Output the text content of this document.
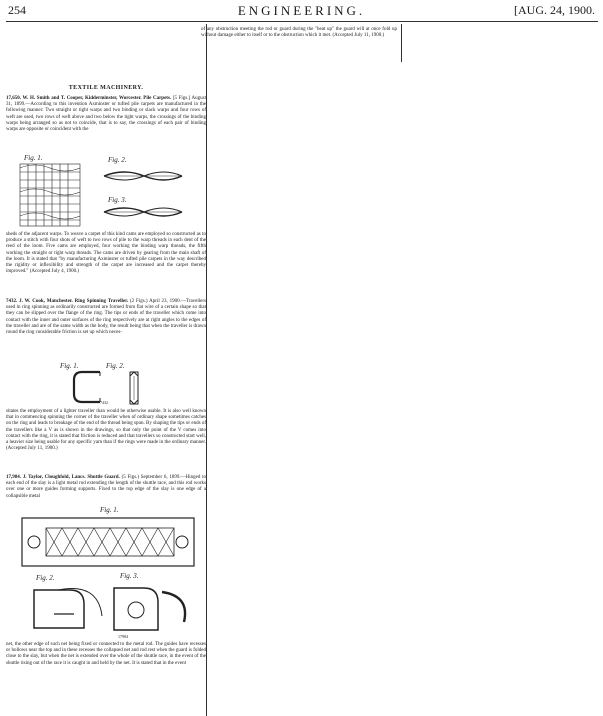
254	ENGINEERING.	[AUG. 24, 1900.

of any obstruction meeting the rod or guard during the "beat up" the guard will at once fold up without damage either to itself or to the obstruction which it met. (Accepted July 11, 1900.)

TEXTILE MACHINERY.

17,650. W. H. Smith and T. Cooper, Kidderminster, Worcester. Pile Carpets. [5 Figs.] August 31, 1899.—According to this invention Axminster or tufted pile carpets are manufactured in the following manner: Two straight or tight warps and two binding or slack warps and four rows of weft are used, two rows of weft above and two below the tight warps, the crossings of the binding warps being arranged so as not to coincide, that is to say, the crossings of each pair of binding warps are opposite or coincident with the

Fig. 1.	Fig. 2.
Fig. 3.

sheds of the adjacent warps. To weave a carpet of this kind cams are employed so constructed as to produce a stitch with four shots of weft to two rows of pile to the warp threads in each dent of the reed of the loom. Five cams are employed, four working the binding warp threads, the fifth working the straight or tight warp threads. The cams are driven by gearing from the main shaft of the loom. It is stated that "by manufacturing Axminster or tufted pile carpets in the way described the rigidity or inflexibility and strength of the carpet are increased and the carpet thereby improved." (Accepted July 4, 1900.)

7432. J. W. Cook, Manchester. Ring Spinning Traveller. (2 Figs.) April 23, 1900.—Travellers used in ring spinning as ordinarily constructed are formed from flat wire of a certain shape so that they can be slipped over the flange of the ring. The tips or ends of the traveller which come into contact with the inner and outer surfaces of the ring respectively are at right angles to the edges of the traveller and are of the same width as the body, the result being that when the traveller is drawn round the ring considerable friction is set up which neces-

Fig. 1.	Fig. 2.
7432

sitates the employment of a lighter traveller than would be otherwise usable. It is also well known that in commencing spinning the corner of the traveller when of ordinary shape sometimes catches on the ring and leads to breakage of the end of the thread being spun. By shaping the tips or ends of the travellers like a V as is shown in the drawings, so that only the point of the V comes into contact with the ring, it is stated that friction is reduced and that travellers so constructed start well, a heavier size being usable for any specific yarn than if the rings were made in the ordinary manner. (Accepted July 11, 1900.)

17,984. J. Taylor, Cloughfold, Lancs. Shuttle Guard. (5 Figs.) September 6, 1899.—Hinged to each end of the slay is a light metal rod extending the length of the shuttle race, and this rod works over one or more guides forming supports. Fixed to the top edge of the slay is one edge of a collapsible metal

Fig. 1.
Fig. 2.	Fig. 3.
17984

net, the other edge of such net being fixed or connected to the metal rod. The guides have recesses or hollows near the top and in these recesses the collapsed net and rod rest when the guard is folded close to the slay, but when the net is extended over the whole of the shuttle race, in the event of the shuttle rising out of the race it is caught in and held by the net. It is stated that in the event
